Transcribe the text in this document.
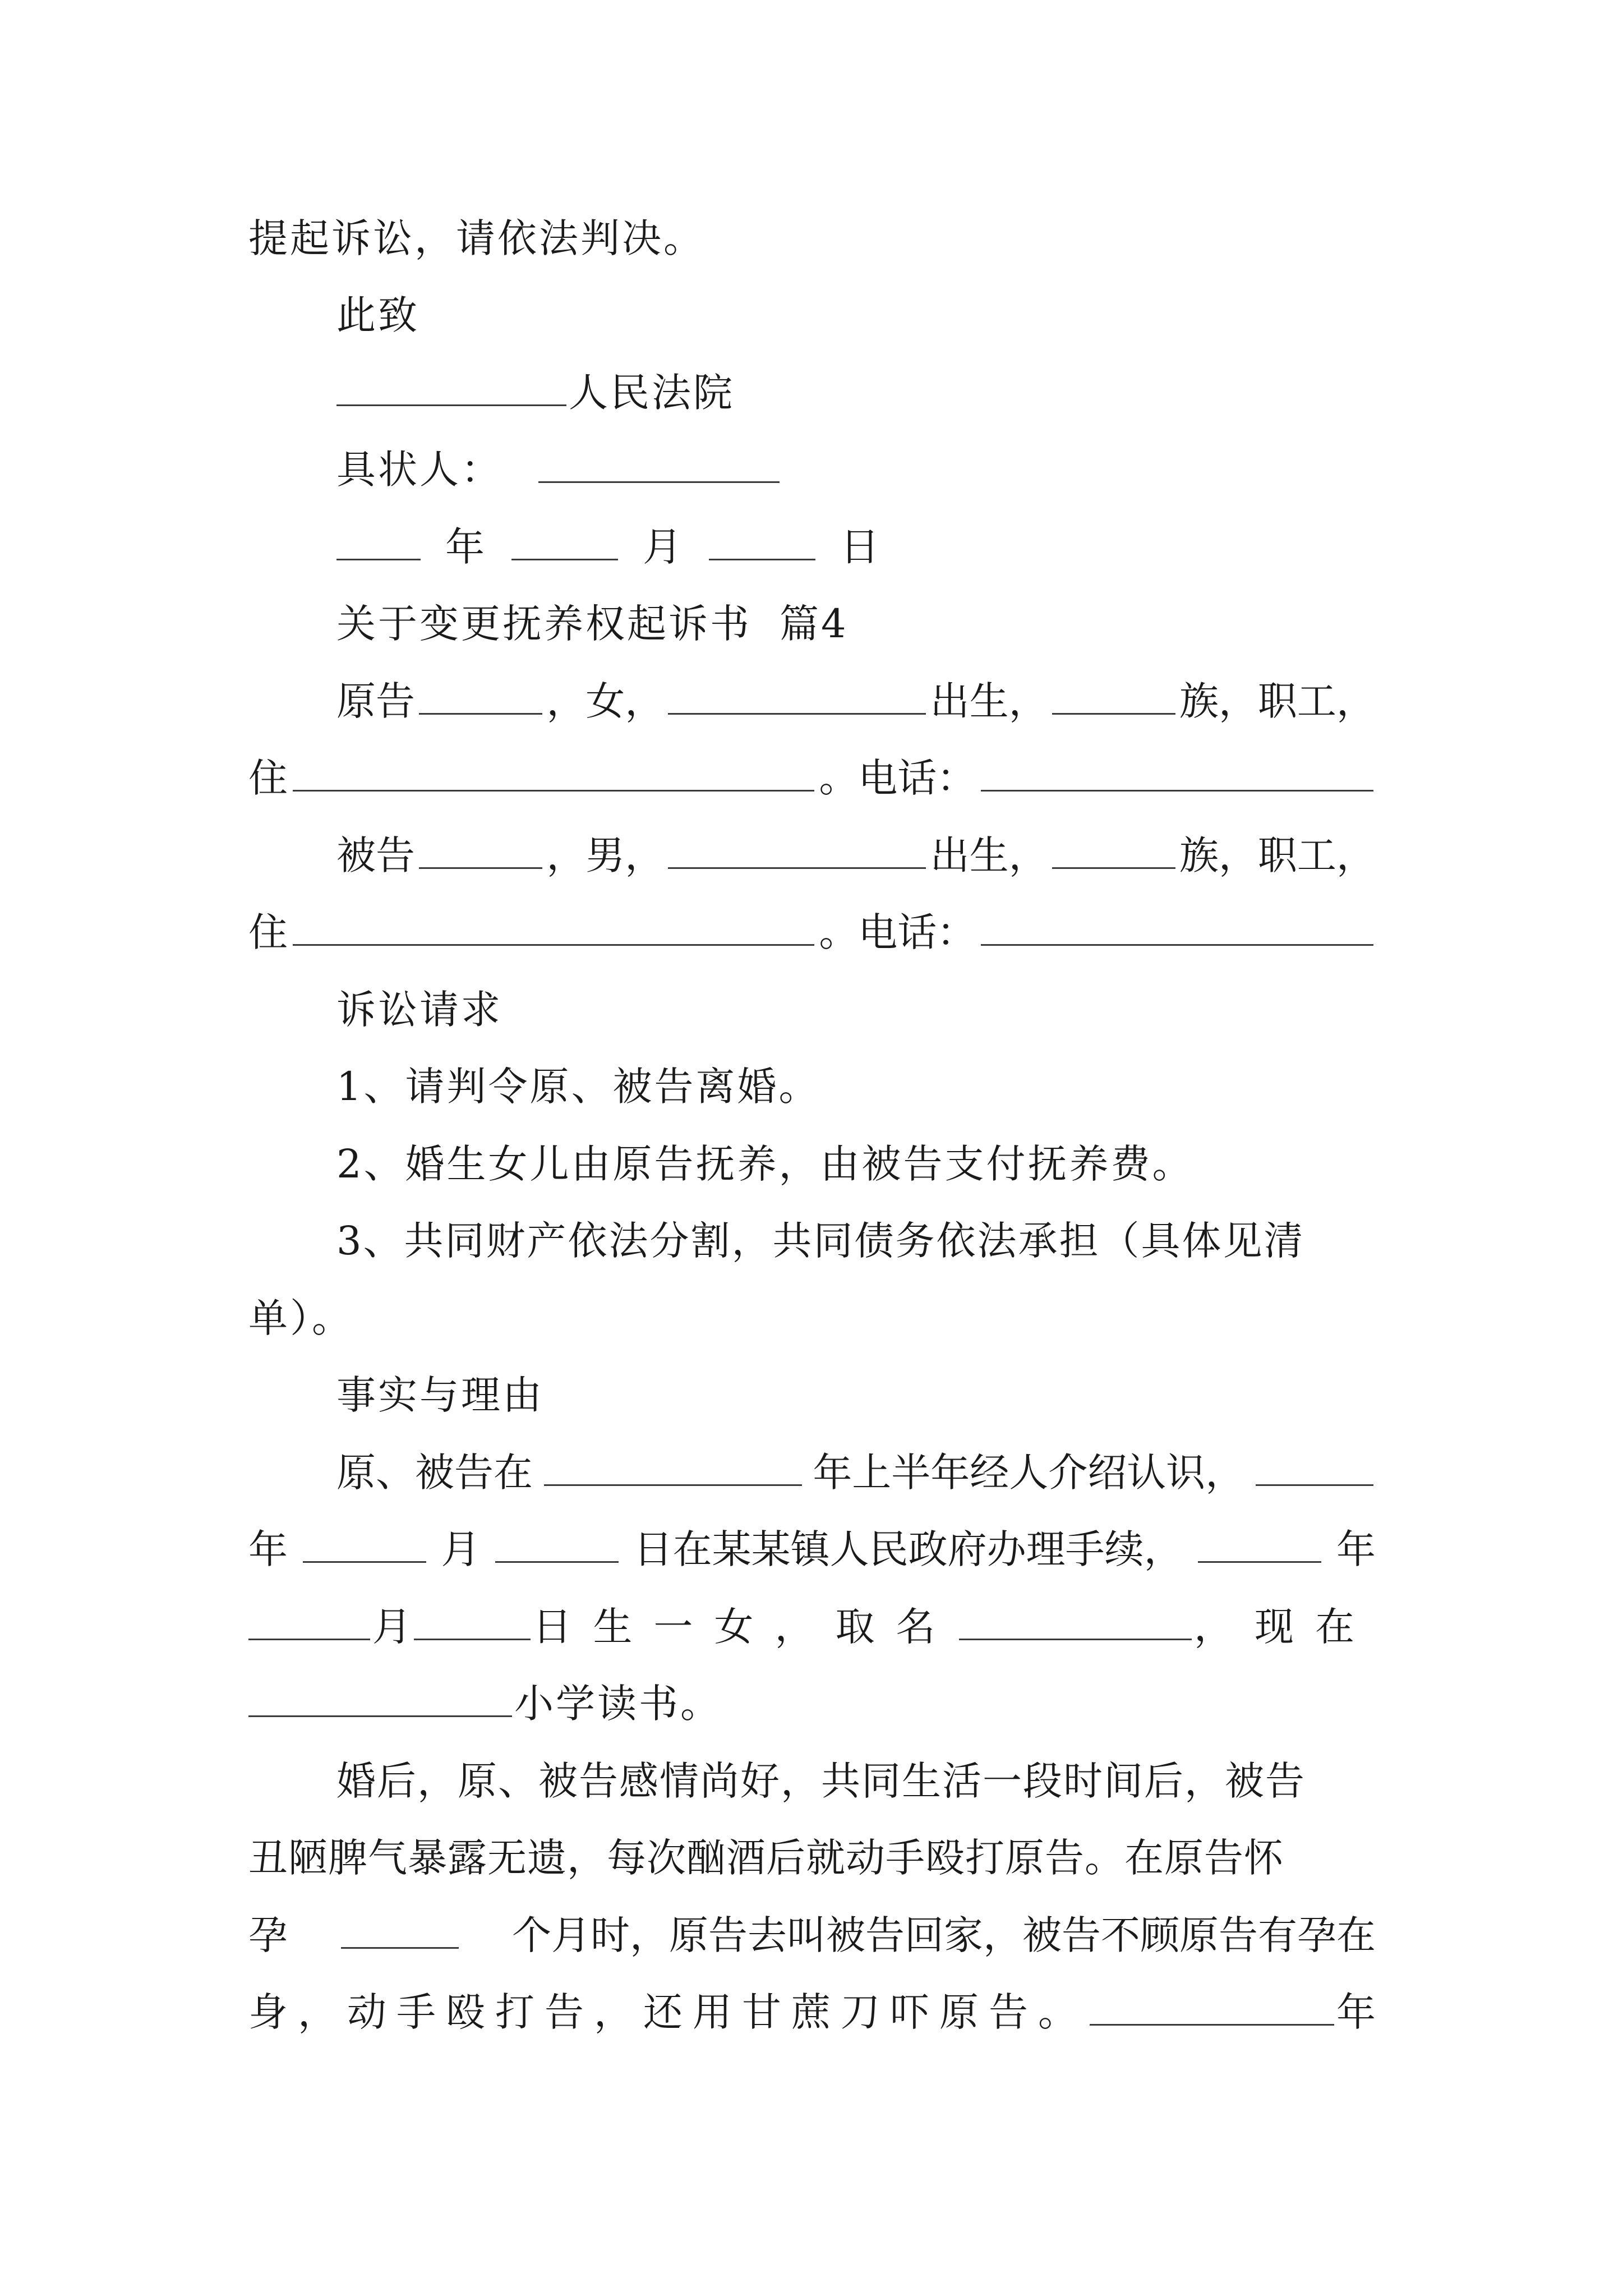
提起诉讼，请依法判决。
此致
人民法院
具状人：
年	月	日
关于变更抚养权起诉书 篇4
原告	，女，	出生，	族，职工，
住	。电话：
被告	，男，	出生，	族，职工，
住	。电话：
诉讼请求
1、请判令原、被告离婚。
2、婚生女儿由原告抚养，由被告支付抚养费。
3、共同财产依法分割，共同债务依法承担（具体见清
单）。
事实与理由
原、被告在	年上半年经人介绍认识，
年	月	日在某某镇人民政府办理手续，	年
月	日生一女，取名	，现在
小学读书。
婚后，原、被告感情尚好，共同生活一段时间后，被告
丑陋脾气暴露无遗，每次酗酒后就动手殴打原告。在原告怀
孕	个月时，原告去叫被告回家，被告不顾原告有孕在
身，动手殴打告，还用甘蔗刀吓原告。	年
